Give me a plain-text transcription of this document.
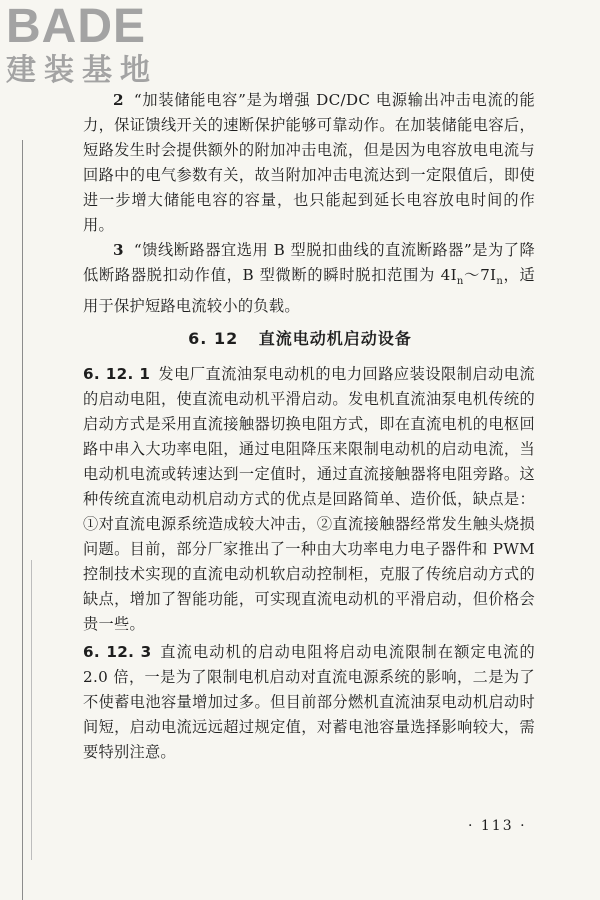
BADE
建装基地

2 “加装储能电容”是为增强 DC/DC 电源输出冲击电流的能力，保证馈线开关的速断保护能够可靠动作。在加装储能电容后，短路发生时会提供额外的附加冲击电流，但是因为电容放电电流与回路中的电气参数有关，故当附加冲击电流达到一定限值后，即使进一步增大储能电容的容量，也只能起到延长电容放电时间的作用。

3 “馈线断路器宜选用 B 型脱扣曲线的直流断路器”是为了降低断路器脱扣动作值，B 型微断的瞬时脱扣范围为 $4I_n\sim 7I_n$，适用于保护短路电流较小的负载。

6. 12 直流电动机启动设备

6. 12. 1 发电厂直流油泵电动机的电力回路应装设限制启动电流的启动电阻，使直流电动机平滑启动。发电机直流油泵电机传统的启动方式是采用直流接触器切换电阻方式，即在直流电机的电枢回路中串入大功率电阻，通过电阻降压来限制电动机的启动电流，当电动机电流或转速达到一定值时，通过直流接触器将电阻旁路。这种传统直流电动机启动方式的优点是回路简单、造价低，缺点是：①对直流电源系统造成较大冲击，②直流接触器经常发生触头烧损问题。目前，部分厂家推出了一种由大功率电力电子器件和 PWM 控制技术实现的直流电动机软启动控制柜，克服了传统启动方式的缺点，增加了智能功能，可实现直流电动机的平滑启动，但价格会贵一些。

6. 12. 3 直流电动机的启动电阻将启动电流限制在额定电流的 2.0 倍，一是为了限制电机启动对直流电源系统的影响，二是为了不使蓄电池容量增加过多。但目前部分燃机直流油泵电动机启动时间短，启动电流远远超过规定值，对蓄电池容量选择影响较大，需要特别注意。

· 113 ·
